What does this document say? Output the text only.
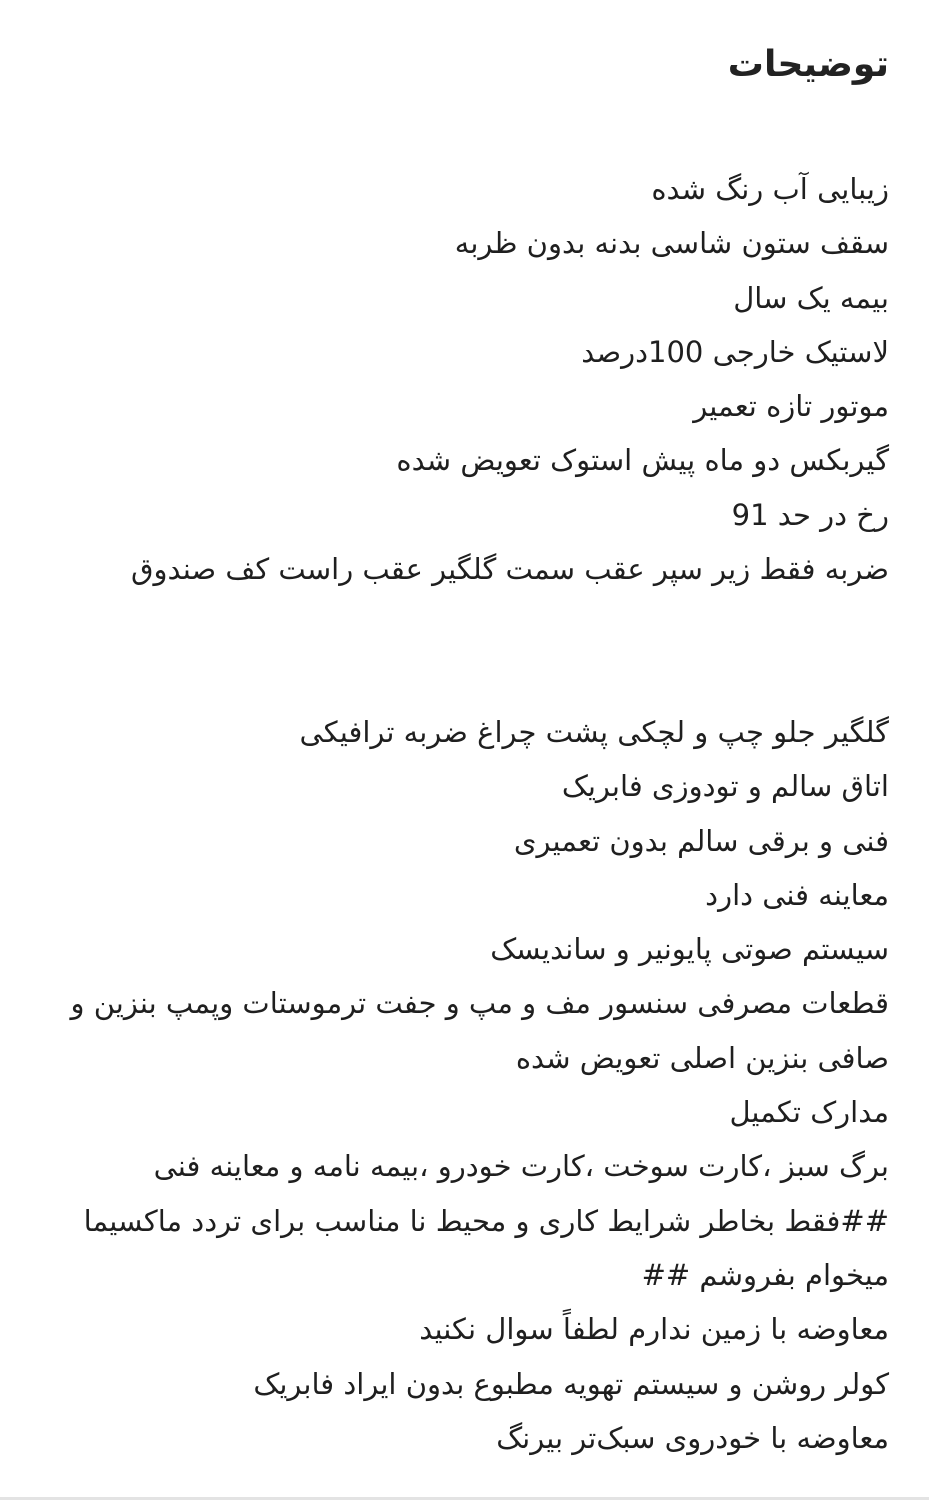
توضیحات
زیبایی آب رنگ شده
سقف ستون شاسی بدنه بدون ظربه
بیمه یک سال
لاستیک خارجی 100درصد
موتور تازه تعمیر
گیربکس دو ماه پیش استوک تعویض شده
رخ در حد 91
ضربه فقط زیر سپر عقب سمت گلگیر عقب راست کف صندوق
گلگیر جلو چپ و لچکی پشت چراغ ضربه ترافیکی
اتاق سالم و تودوزی فابریک
فنی و برقی سالم بدون تعمیری
معاینه فنی دارد
سیستم صوتی پایونیر و ساندیسک
قطعات مصرفی سنسور مف و مپ و جفت ترموستات وپمپ بنزین و
صافی بنزین اصلی تعویض شده
مدارک تکمیل
برگ سبز ،کارت سوخت ،کارت خودرو ،بیمه نامه و معاینه فنی
##فقط بخاطر شرایط کاری و محیط نا مناسب برای تردد ماکسیما
میخوام بفروشم ##
معاوضه با زمین ندارم لطفاً سوال نکنید
کولر روشن و سیستم تهویه مطبوع بدون ایراد فابریک
معاوضه با خودروی سبک‌تر بیرنگ
